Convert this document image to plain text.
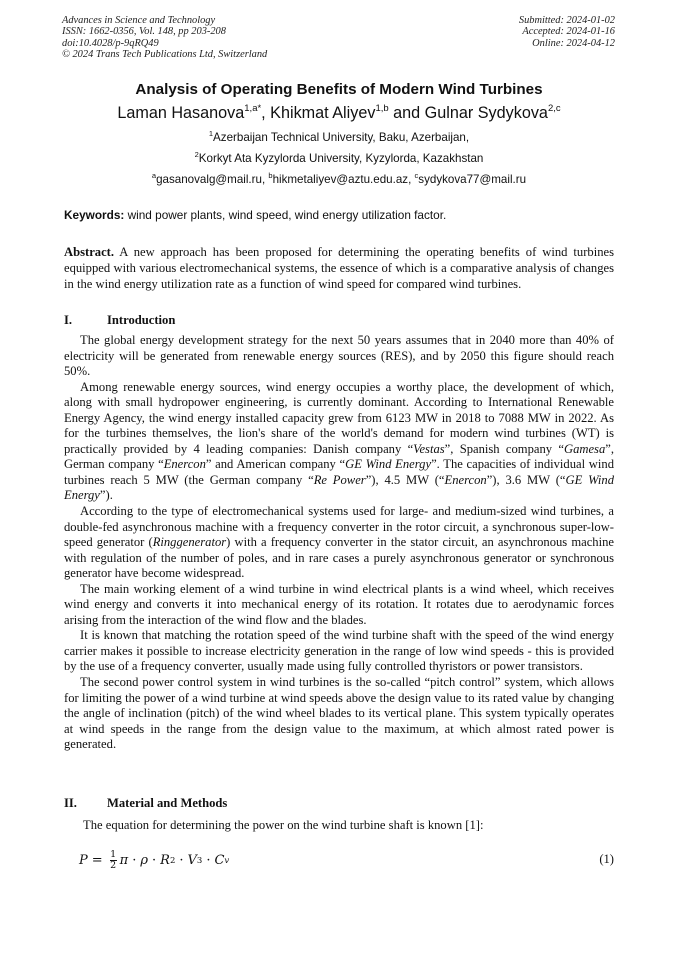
Advances in Science and Technology
ISSN: 1662-0356, Vol. 148, pp 203-208
doi:10.4028/p-9qRQ49
© 2024 Trans Tech Publications Ltd, Switzerland
Submitted: 2024-01-02
Accepted: 2024-01-16
Online: 2024-04-12
Analysis of Operating Benefits of Modern Wind Turbines
Laman Hasanova$^{1,a*}$, Khikmat Aliyev$^{1,b}$ and Gulnar Sydykova$^{2,c}$
$^1$Azerbaijan Technical University, Baku, Azerbaijan,
$^2$Korkyt Ata Kyzylorda University, Kyzylorda, Kazakhstan
$^a$gasanovalg@mail.ru, $^b$hikmetaliyev@aztu.edu.az, $^c$sydykova77@mail.ru
Keywords: wind power plants, wind speed, wind energy utilization factor.
Abstract. A new approach has been proposed for determining the operating benefits of wind turbines equipped with various electromechanical systems, the essence of which is a comparative analysis of changes in the wind energy utilization rate as a function of wind speed for compared wind turbines.
I.	Introduction

The global energy development strategy for the next 50 years assumes that in 2040 more than 40% of electricity will be generated from renewable energy sources (RES), and by 2050 this figure should reach 50%.

Among renewable energy sources, wind energy occupies a worthy place, the development of which, along with small hydropower engineering, is currently dominant. According to International Renewable Energy Agency, the wind energy installed capacity grew from 6123 MW in 2018 to 7088 MW in 2022. As for the turbines themselves, the lion's share of the world's demand for modern wind turbines (WT) is practically provided by 4 leading companies: Danish company “Vestas”, Spanish company “Gamesa”, German company “Enercon” and American company “GE Wind Energy”. The capacities of individual wind turbines reach 5 MW (the German company “Re Power”), 4.5 MW (“Enercon”), 3.6 MW (“GE Wind Energy”).

According to the type of electromechanical systems used for large- and medium-sized wind turbines, a double-fed asynchronous machine with a frequency converter in the rotor circuit, a synchronous super-low-speed generator (Ringgenerator) with a frequency converter in the stator circuit, an asynchronous machine with regulation of the number of poles, and in rare cases a purely asynchronous generator or synchronous generator have become widespread.

The main working element of a wind turbine in wind electrical plants is a wind wheel, which receives wind energy and converts it into mechanical energy of its rotation. It rotates due to aerodynamic forces arising from the interaction of the wind flow and the blades.

It is known that matching the rotation speed of the wind turbine shaft with the speed of the wind energy carrier makes it possible to increase electricity generation in the range of low wind speeds - this is provided by the use of a frequency converter, usually made using fully controlled thyristors or power transistors.

The second power control system in wind turbines is the so-called “pitch control” system, which allows for limiting the power of a wind turbine at wind speeds above the design value to its rated value by changing the angle of inclination (pitch) of the wind wheel blades to its vertical plane. This system typically operates at wind speeds in the range from the design value to the maximum, at which almost rated power is generated.

II. Material and Methods
The equation for determining the power on the wind turbine shaft is known [1]:
$P = \frac{1}{2}$ π · ρ · R 2 · V 3 · C v	(1)
